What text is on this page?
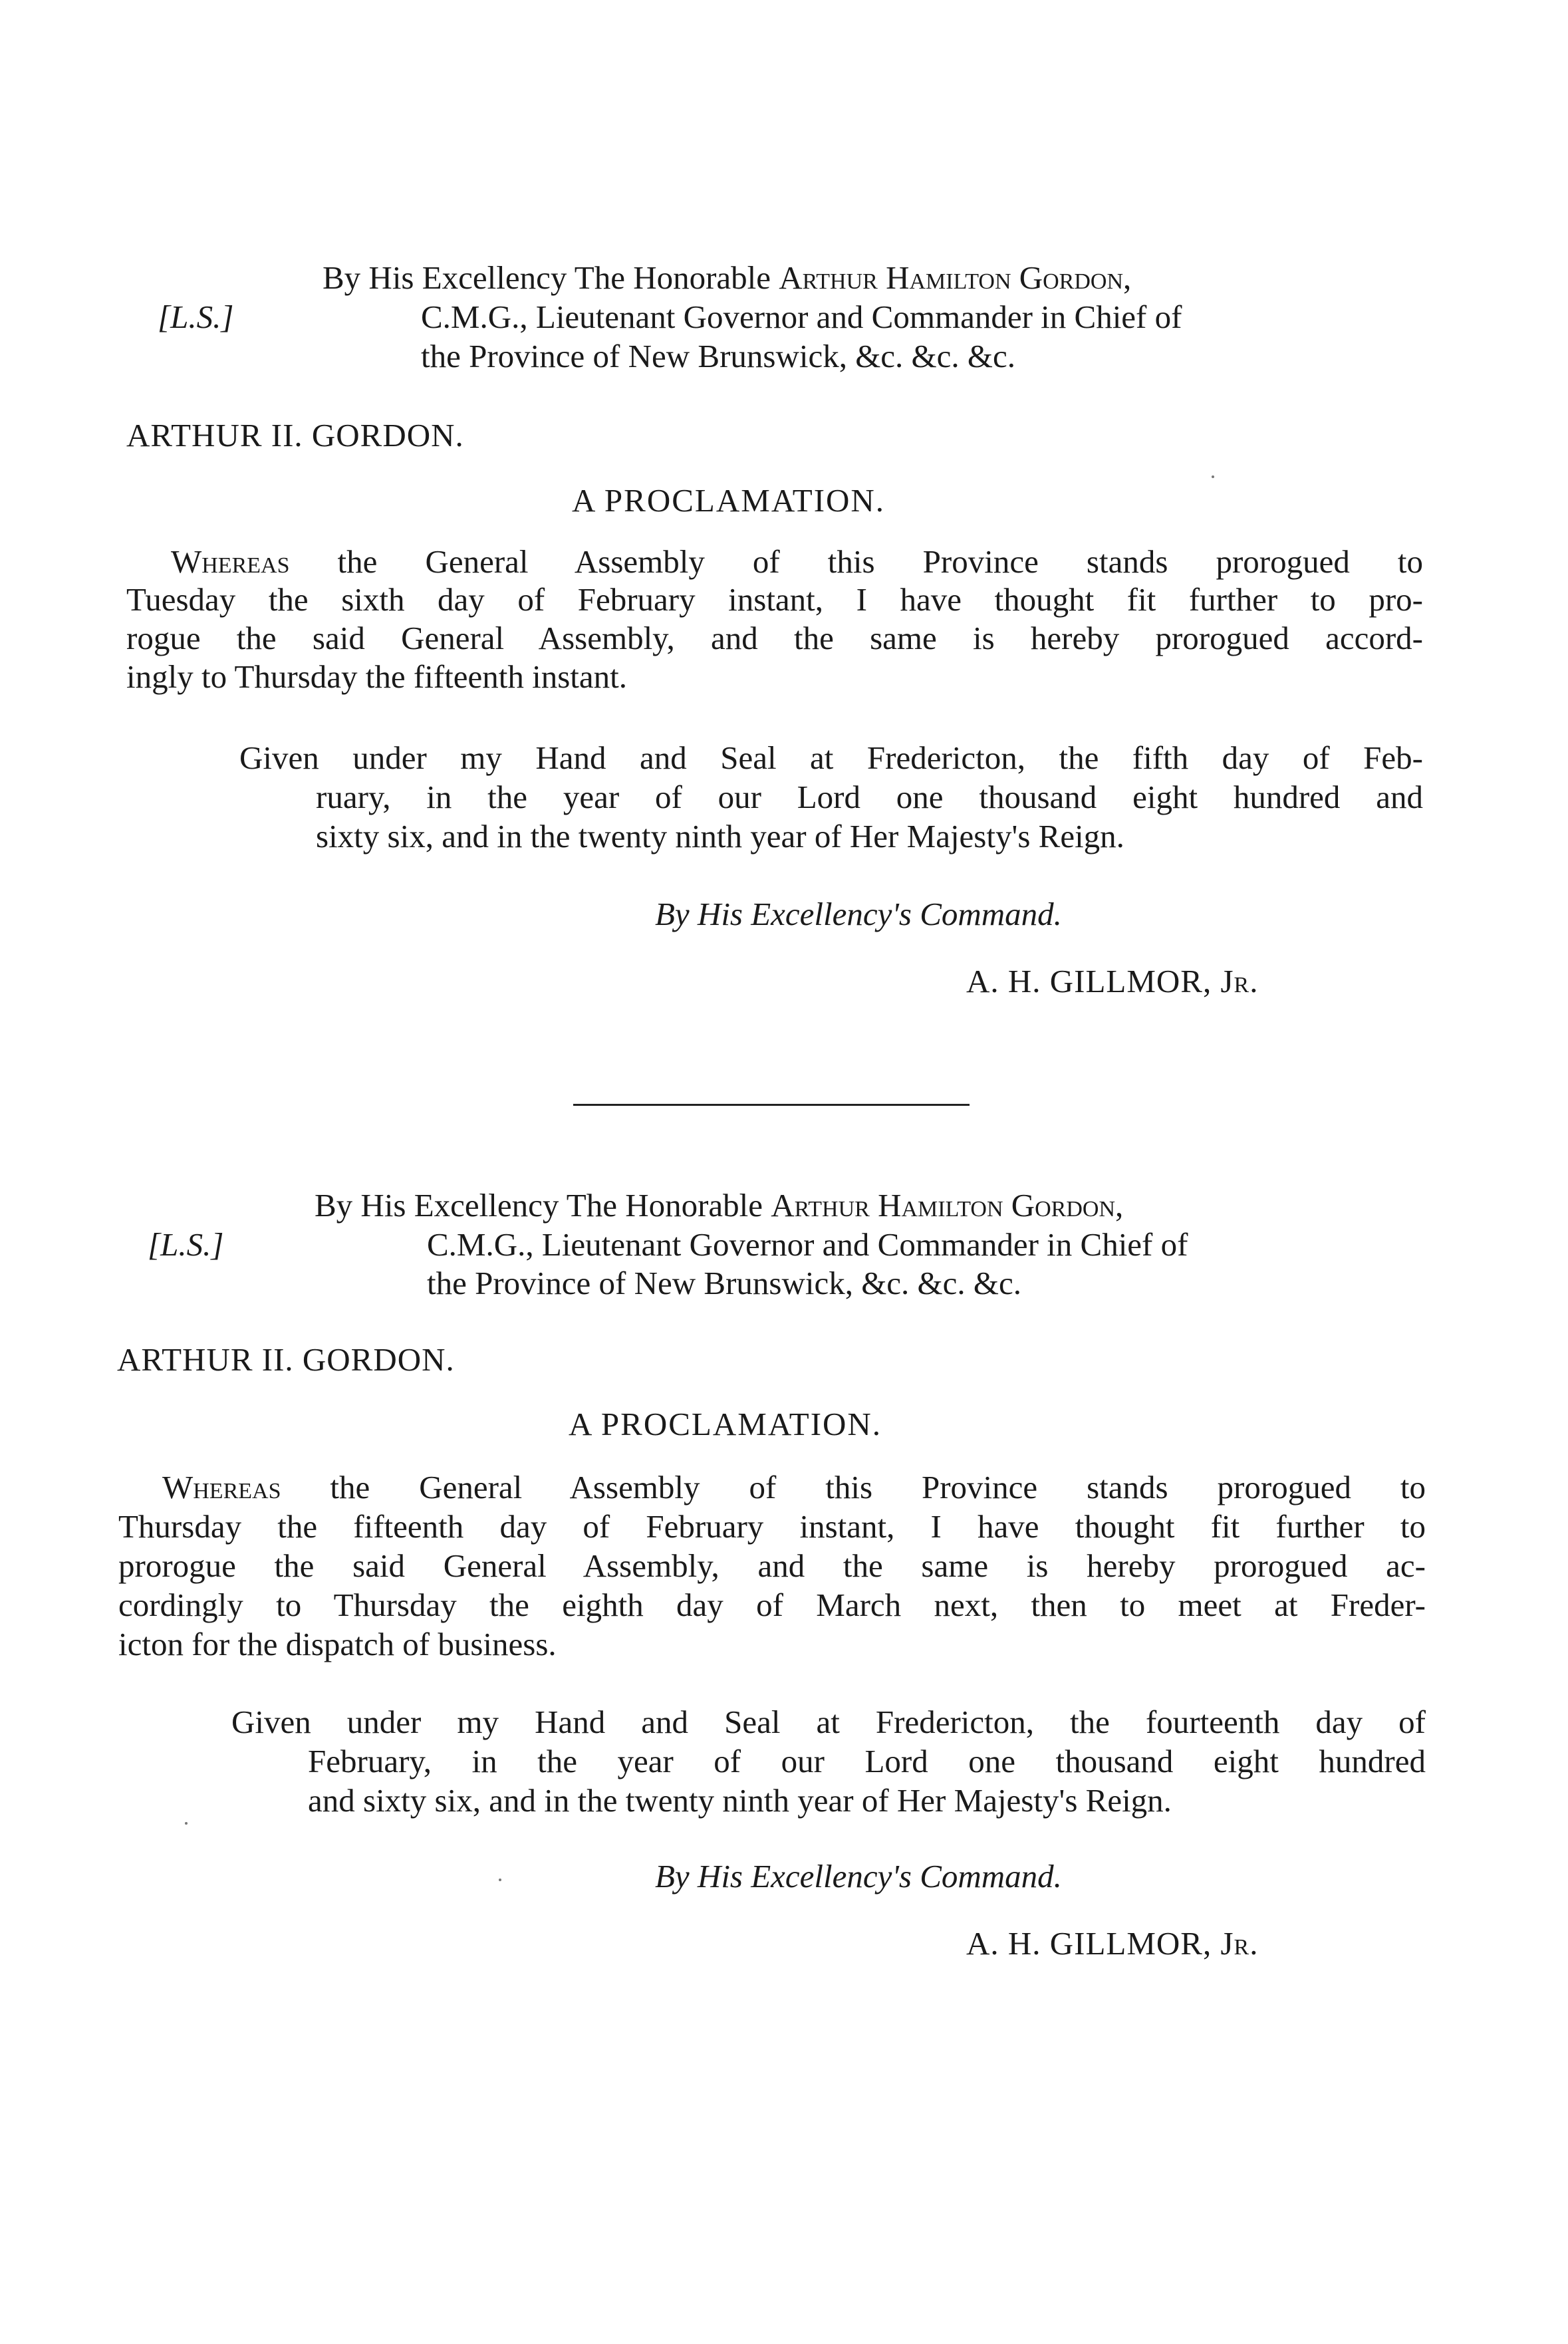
By His Excellency The Honorable Arthur Hamilton Gordon,
[L.S.]	C.M.G., Lieutenant Governor and Commander in Chief of
the Province of New Brunswick, &c. &c. &c.
ARTHUR II. GORDON.
A PROCLAMATION.
Whereas the General Assembly of this Province stands prorogued to
Tuesday the sixth day of February instant, I have thought fit further to pro-
rogue the said General Assembly, and the same is hereby prorogued accord-
ingly to Thursday the fifteenth instant.
Given under my Hand and Seal at Fredericton, the fifth day of Feb-
ruary, in the year of our Lord one thousand eight hundred and
sixty six, and in the twenty ninth year of Her Majesty's Reign.
By His Excellency's Command.
A. H. GILLMOR, Jr.
By His Excellency The Honorable Arthur Hamilton Gordon,
[L.S.]	C.M.G., Lieutenant Governor and Commander in Chief of
the Province of New Brunswick, &c. &c. &c.
ARTHUR II. GORDON.
A PROCLAMATION.
Whereas the General Assembly of this Province stands prorogued to
Thursday the fifteenth day of February instant, I have thought fit further to
prorogue the said General Assembly, and the same is hereby prorogued ac-
cordingly to Thursday the eighth day of March next, then to meet at Freder-
icton for the dispatch of business.
Given under my Hand and Seal at Fredericton, the fourteenth day of
February, in the year of our Lord one thousand eight hundred
and sixty six, and in the twenty ninth year of Her Majesty's Reign.
By His Excellency's Command.
A. H. GILLMOR, Jr.
